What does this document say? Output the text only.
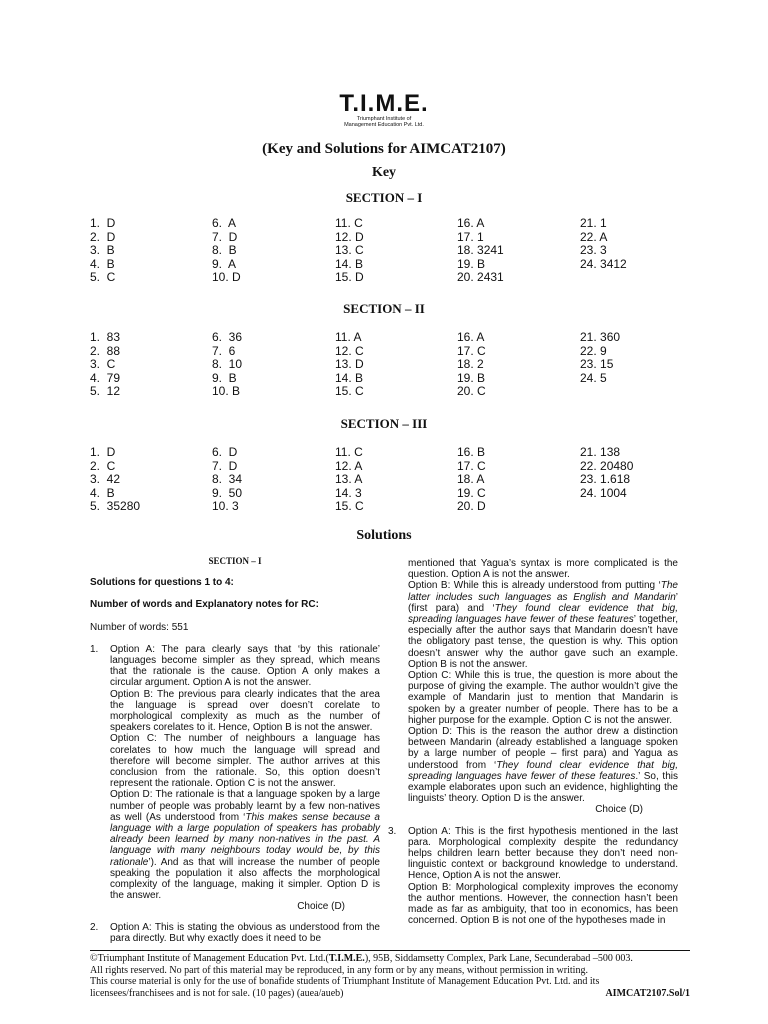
T.I.M.E.
Triumphant Institute of
Management Education Pvt. Ltd.
(Key and Solutions for AIMCAT2107)
Key
SECTION – I
SECTION – II
SECTION – III
1.  D	6.  A	11. C	16. A	21. 1
2.  D	7.  D	12. D	17. 1	22. A
3.  B	8.  B	13. C	18. 3241	23. 3
4.  B	9.  A	14. B	19. B	24. 3412
5.  C	10. D	15. D	20. 2431
1.  83	6.  36	11. A	16. A	21. 360
2.  88	7.  6	12. C	17. C	22. 9
3.  C	8.  10	13. D	18. 2	23. 15
4.  79	9.  B	14. B	19. B	24. 5
5.  12	10. B	15. C	20. C
1.  D	6.  D	11. C	16. B	21. 138
2.  C	7.  D	12. A	17. C	22. 20480
3.  42	8.  34	13. A	18. A	23. 1.618
4.  B	9.  50	14. 3	19. C	24. 1004
5.  35280	10. 3	15. C	20. D
Solutions

SECTION – I

Solutions for questions 1 to 4:

Number of words and Explanatory notes for RC:

Number of words: 551

1. Option A: The para clearly says that ‘by this rationale’ languages become simpler as they spread, which means that the rationale is the cause. Option A only makes a circular argument. Option A is not the answer.

Option B: The previous para clearly indicates that the area the language is spread over doesn’t corelate to morphological complexity as much as the number of speakers corelates to it. Hence, Option B is not the answer.

Option C: The number of neighbours a language has corelates to how much the language will spread and therefore will become simpler. The author arrives at this conclusion from the rationale. So, this option doesn’t represent the rationale. Option C is not the answer.

Option D: The rationale is that a language spoken by a large number of people was probably learnt by a few non-natives as well (As understood from ‘This makes sense because a language with a large population of speakers has probably already been learned by many non-natives in the past. A language with many neighbours today would be, by this rationale’). And as that will increase the number of people speaking the population it also affects the morphological complexity of the language, making it simpler. Option D is the answer.

Choice (D)

2. Option A: This is stating the obvious as understood from the para directly. But why exactly does it need to be

mentioned that Yagua’s syntax is more complicated is the question. Option A is not the answer.

Option B: While this is already understood from putting ‘The latter includes such languages as English and Mandarin’ (first para) and ‘They found clear evidence that big, spreading languages have fewer of these features’ together, especially after the author says that Mandarin doesn’t have the obligatory past tense, the question is why. This option doesn’t answer why the author gave such an example. Option B is not the answer.

Option C: While this is true, the question is more about the purpose of giving the example. The author wouldn’t give the example of Mandarin just to mention that Mandarin is spoken by a greater number of people. There has to be a higher purpose for the example. Option C is not the answer.

Option D: This is the reason the author drew a distinction between Mandarin (already established a language spoken by a large number of people – first para) and Yagua as understood from ‘They found clear evidence that big, spreading languages have fewer of these features.’ So, this example elaborates upon such an evidence, highlighting the linguists’ theory. Option D is the answer.

Choice (D)

3. Option A: This is the first hypothesis mentioned in the last para. Morphological complexity despite the redundancy helps children learn better because they don’t need non-linguistic context or background knowledge to understand. Hence, Option A is not the answer.

Option B: Morphological complexity improves the economy the author mentions. However, the connection hasn’t been made as far as ambiguity, that too in economics, has been concerned. Option B is not one of the hypotheses made in

©Triumphant Institute of Management Education Pvt. Ltd.(T.I.M.E.), 95B, Siddamsetty Complex, Park Lane, Secunderabad –500 003.
All rights reserved. No part of this material may be reproduced, in any form or by any means, without permission in writing.
This course material is only for the use of bonafide students of Triumphant Institute of Management Education Pvt. Ltd. and its
licensees/franchisees and is not for sale. (10 pages) (auea/aueb)	AIMCAT2107.Sol/1
